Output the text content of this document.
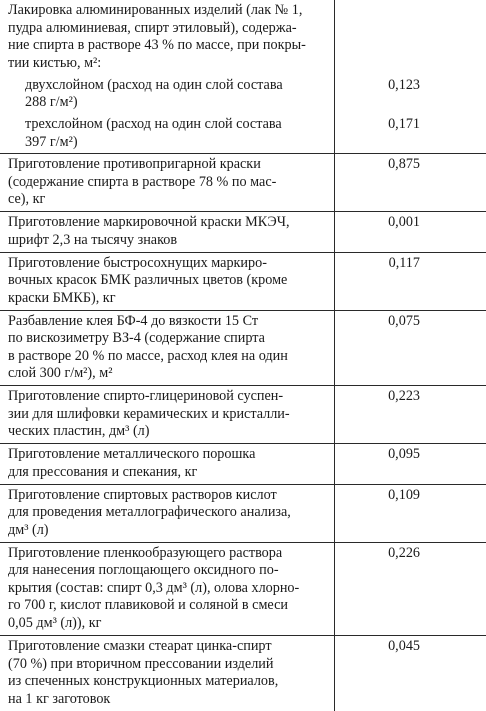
Лакировка алюминированных изделий (лак № 1,
пудра алюминиевая, спирт этиловый), содержа-
ние спирта в растворе 43 % по массе, при покры-
тии кистью, м²:	

двухслойном (расход на один слой состава
288 г/м²)	0,123

трехслойном (расход на один слой состава
397 г/м²)	0,171

Приготовление противопригарной краски
(содержание спирта в растворе 78 % по мас-
се), кг	0,875

Приготовление маркировочной краски МКЭЧ,
шрифт 2,3 на тысячу знаков	0,001

Приготовление быстросохнущих маркиро-
вочных красок БМК различных цветов (кроме
краски БМКБ), кг	0,117

Разбавление клея БФ-4 до вязкости 15 Ст
по вискозиметру ВЗ-4 (содержание спирта
в растворе 20 % по массе, расход клея на один
слой 300 г/м²), м²	0,075

Приготовление спирто-глицериновой суспен-
зии для шлифовки керамических и кристалли-
ческих пластин, дм³ (л)	0,223

Приготовление металлического порошка
для прессования и спекания, кг	0,095

Приготовление спиртовых растворов кислот
для проведения металлографического анализа,
дм³ (л)	0,109

Приготовление пленкообразующего раствора
для нанесения поглощающего оксидного по-
крытия (состав: спирт 0,3 дм³ (л), олова хлорно-
го 700 г, кислот плавиковой и соляной в смеси
0,05 дм³ (л)), кг	0,226

Приготовление смазки стеарат цинка-спирт
(70 %) при вторичном прессовании изделий
из спеченных конструкционных материалов,
на 1 кг заготовок	0,045
